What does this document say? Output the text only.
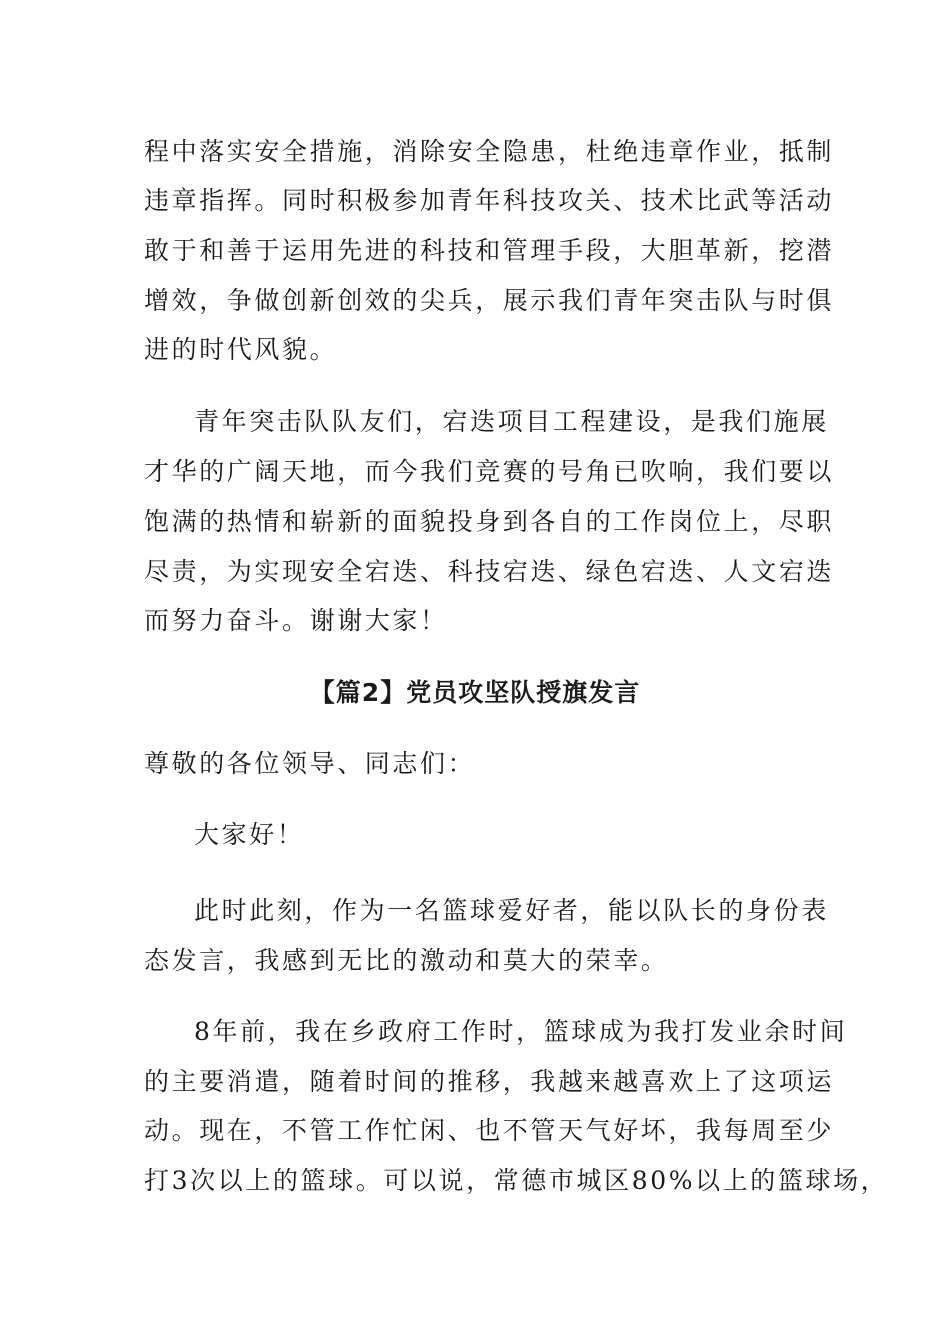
程中落实安全措施，消除安全隐患，杜绝违章作业，抵制
违章指挥。同时积极参加青年科技攻关、技术比武等活动
敢于和善于运用先进的科技和管理手段，大胆革新，挖潜
增效，争做创新创效的尖兵，展示我们青年突击队与时俱
进的时代风貌。
青年突击队队友们，宕迭项目工程建设，是我们施展
才华的广阔天地，而今我们竞赛的号角已吹响，我们要以
饱满的热情和崭新的面貌投身到各自的工作岗位上，尽职
尽责，为实现安全宕迭、科技宕迭、绿色宕迭、人文宕迭
而努力奋斗。谢谢大家！
【篇2】党员攻坚队授旗发言
尊敬的各位领导、同志们：
大家好！
此时此刻，作为一名篮球爱好者，能以队长的身份表
态发言，我感到无比的激动和莫大的荣幸。
8年前，我在乡政府工作时，篮球成为我打发业余时间
的主要消遣，随着时间的推移，我越来越喜欢上了这项运
动。现在，不管工作忙闲、也不管天气好坏，我每周至少
打3次以上的篮球。可以说，常德市城区80%以上的篮球场，
